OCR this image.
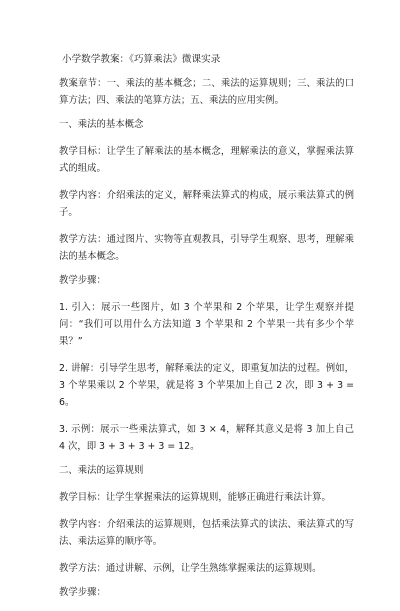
小学数学教案：《巧算乘法》微课实录
教案章节：一、乘法的基本概念；二、乘法的运算规则；三、乘法的口算方法；四、乘法的笔算方法；五、乘法的应用实例。
一、乘法的基本概念
教学目标：让学生了解乘法的基本概念，理解乘法的意义，掌握乘法算式的组成。
教学内容：介绍乘法的定义，解释乘法算式的构成，展示乘法算式的例子。
教学方法：通过图片、实物等直观教具，引导学生观察、思考，理解乘法的基本概念。
教学步骤：
1. 引入：展示一些图片，如 3 个苹果和 2 个苹果，让学生观察并提问：“我们可以用什么方法知道 3 个苹果和 2 个苹果一共有多少个苹果？”
2. 讲解：引导学生思考，解释乘法的定义，即重复加法的过程。例如，3 个苹果乘以 2 个苹果，就是将 3 个苹果加上自己 2 次，即 3 + 3 = 6。
3. 示例：展示一些乘法算式，如 3 × 4，解释其意义是将 3 加上自己 4 次，即 3 + 3 + 3 + 3 = 12。
二、乘法的运算规则
教学目标：让学生掌握乘法的运算规则，能够正确进行乘法计算。
教学内容：介绍乘法的运算规则，包括乘法算式的读法、乘法算式的写法、乘法运算的顺序等。
教学方法：通过讲解、示例，让学生熟练掌握乘法的运算规则。
教学步骤：
